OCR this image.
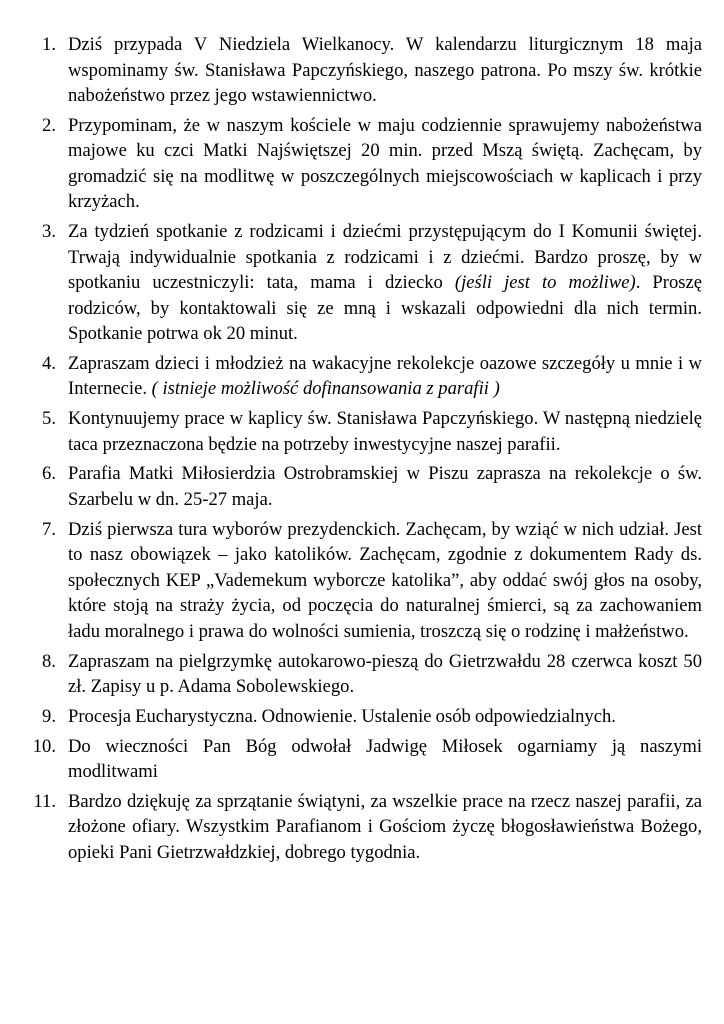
1. Dziś przypada V Niedziela Wielkanocy. W kalendarzu liturgicznym 18 maja wspominamy św. Stanisława Papczyńskiego, naszego patrona. Po mszy św. krótkie nabożeństwo przez jego wstawiennictwo.
2. Przypominam, że w naszym kościele w maju codziennie sprawujemy nabożeństwa majowe ku czci Matki Najświętszej 20 min. przed Mszą świętą. Zachęcam, by gromadzić się na modlitwę w poszczególnych miejscowościach w kaplicach i przy krzyżach.
3. Za tydzień spotkanie z rodzicami i dziećmi przystępującym do I Komunii świętej. Trwają indywidualnie spotkania z rodzicami i z dziećmi. Bardzo proszę, by w spotkaniu uczestniczyli: tata, mama i dziecko (jeśli jest to możliwe). Proszę rodziców, by kontaktowali się ze mną i wskazali odpowiedni dla nich termin. Spotkanie potrwa ok 20 minut.
4. Zapraszam dzieci i młodzież na wakacyjne rekolekcje oazowe szczegóły u mnie i w Internecie. ( istnieje możliwość dofinansowania z parafii )
5. Kontynuujemy prace w kaplicy św. Stanisława Papczyńskiego. W następną niedzielę taca przeznaczona będzie na potrzeby inwestycyjne naszej parafii.
6. Parafia Matki Miłosierdzia Ostrobramskiej w Piszu zaprasza na rekolekcje o św. Szarbelu w dn. 25-27 maja.
7. Dziś pierwsza tura wyborów prezydenckich. Zachęcam, by wziąć w nich udział. Jest to nasz obowiązek – jako katolików. Zachęcam, zgodnie z dokumentem Rady ds. społecznych KEP „Vademekum wyborcze katolika”, aby oddać swój głos na osoby, które stoją na straży życia, od poczęcia do naturalnej śmierci, są za zachowaniem ładu moralnego i prawa do wolności sumienia, troszczą się o rodzinę i małżeństwo.
8. Zapraszam na pielgrzymkę autokarowo-pieszą do Gietrzwałdu 28 czerwca koszt 50 zł. Zapisy u p. Adama Sobolewskiego.
9. Procesja Eucharystyczna. Odnowienie. Ustalenie osób odpowiedzialnych.
10. Do wieczności Pan Bóg odwołał Jadwigę Miłosek ogarniamy ją naszymi modlitwami
11. Bardzo dziękuję za sprzątanie świątyni, za wszelkie prace na rzecz naszej parafii, za złożone ofiary. Wszystkim Parafianom i Gościom życzę błogosławieństwa Bożego, opieki Pani Gietrzwałdzkiej, dobrego tygodnia.
